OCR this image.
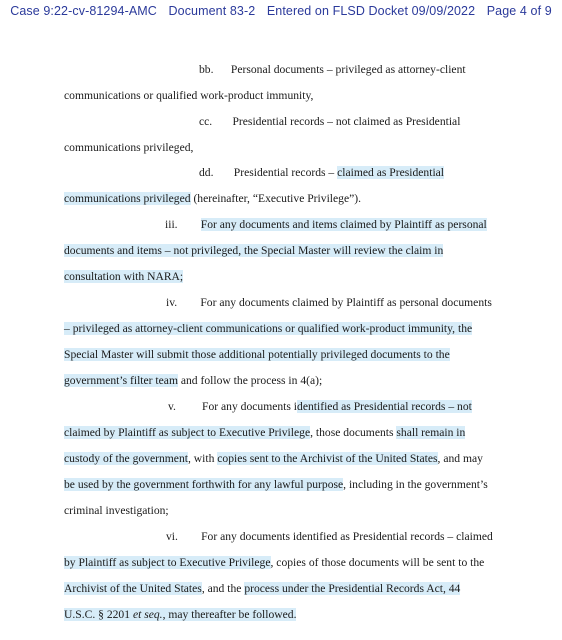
Case 9:22-cv-81294-AMC Document 83-2 Entered on FLSD Docket 09/09/2022 Page 4 of 9
bb.      Personal documents – privileged as attorney-client
communications or qualified work-product immunity,
cc.       Presidential records – not claimed as Presidential
communications privileged,
dd.       Presidential records – claimed as Presidential
communications privileged (hereinafter, “Executive Privilege”).
iii.        For any documents and items claimed by Plaintiff as personal
documents and items – not privileged, the Special Master will review the claim in
consultation with NARA;
iv.        For any documents claimed by Plaintiff as personal documents
– privileged as attorney-client communications or qualified work-product immunity, the
Special Master will submit those additional potentially privileged documents to the
government’s filter team and follow the process in 4(a);
v.         For any documents identified as Presidential records – not
claimed by Plaintiff as subject to Executive Privilege, those documents shall remain in
custody of the government, with copies sent to the Archivist of the United States, and may
be used by the government forthwith for any lawful purpose, including in the government’s
criminal investigation;
vi.        For any documents identified as Presidential records – claimed
by Plaintiff as subject to Executive Privilege, copies of those documents will be sent to the
Archivist of the United States, and the process under the Presidential Records Act, 44
U.S.C. § 2201 et seq., may thereafter be followed.
